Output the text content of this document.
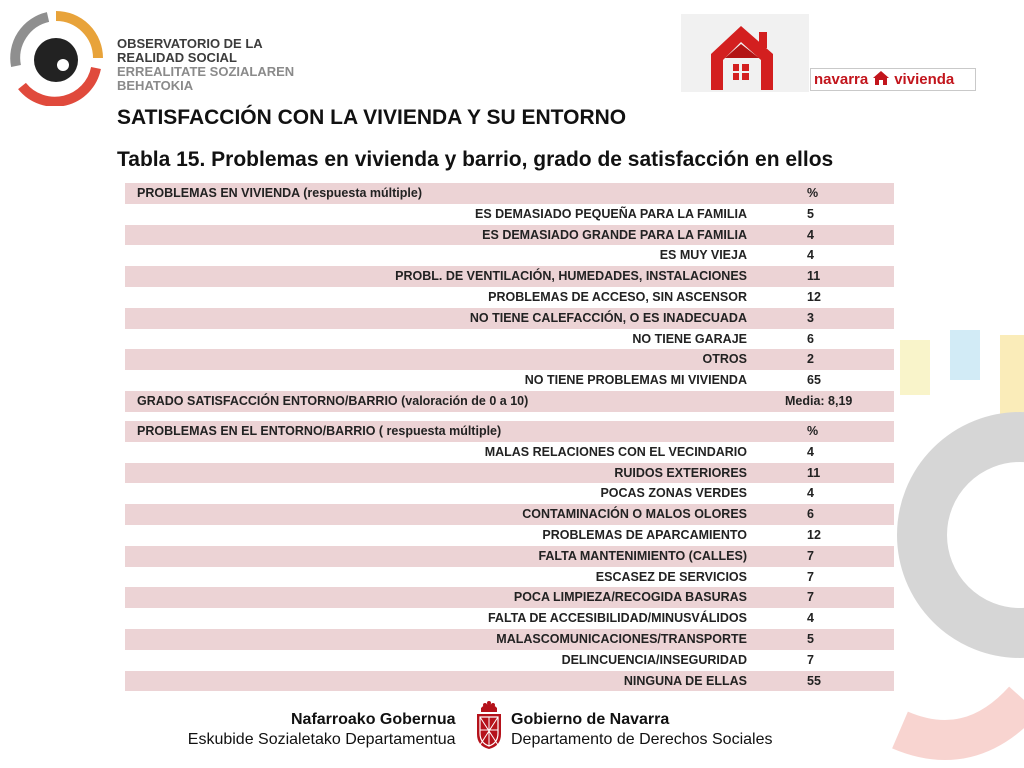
OBSERVATORIO DE LA
REALIDAD SOCIAL
ERREALITATE SOZIALAREN
BEHATOKIA	navarra vivienda
SATISFACCIÓN CON LA VIVIENDA Y SU ENTORNO
Tabla 15. Problemas en vivienda y barrio, grado de satisfacción en ellos
PROBLEMAS EN VIVIENDA (respuesta múltiple)	%
ES DEMASIADO PEQUEÑA PARA LA FAMILIA	5
ES DEMASIADO GRANDE PARA LA FAMILIA	4
ES MUY VIEJA	4
PROBL. DE VENTILACIÓN, HUMEDADES, INSTALACIONES	11
PROBLEMAS DE ACCESO, SIN ASCENSOR	12
NO TIENE CALEFACCIÓN, O ES INADECUADA	3
NO TIENE GARAJE	6
OTROS	2
NO TIENE PROBLEMAS MI VIVIENDA	65
GRADO SATISFACCIÓN ENTORNO/BARRIO (valoración de 0 a 10)	Media: 8,19
PROBLEMAS EN EL ENTORNO/BARRIO ( respuesta múltiple)	%
MALAS RELACIONES CON EL VECINDARIO	4
RUIDOS EXTERIORES	11
POCAS ZONAS VERDES	4
CONTAMINACIÓN O MALOS OLORES	6
PROBLEMAS DE APARCAMIENTO	12
FALTA MANTENIMIENTO (CALLES)	7
ESCASEZ DE SERVICIOS	7
POCA LIMPIEZA/RECOGIDA BASURAS	7
FALTA DE ACCESIBILIDAD/MINUSVÁLIDOS	4
MALASCOMUNICACIONES/TRANSPORTE	5
DELINCUENCIA/INSEGURIDAD	7
NINGUNA DE ELLAS	55
Nafarroako Gobernua
Eskubide Sozialetako Departamentua
Gobierno de Navarra
Departamento de Derechos Sociales
